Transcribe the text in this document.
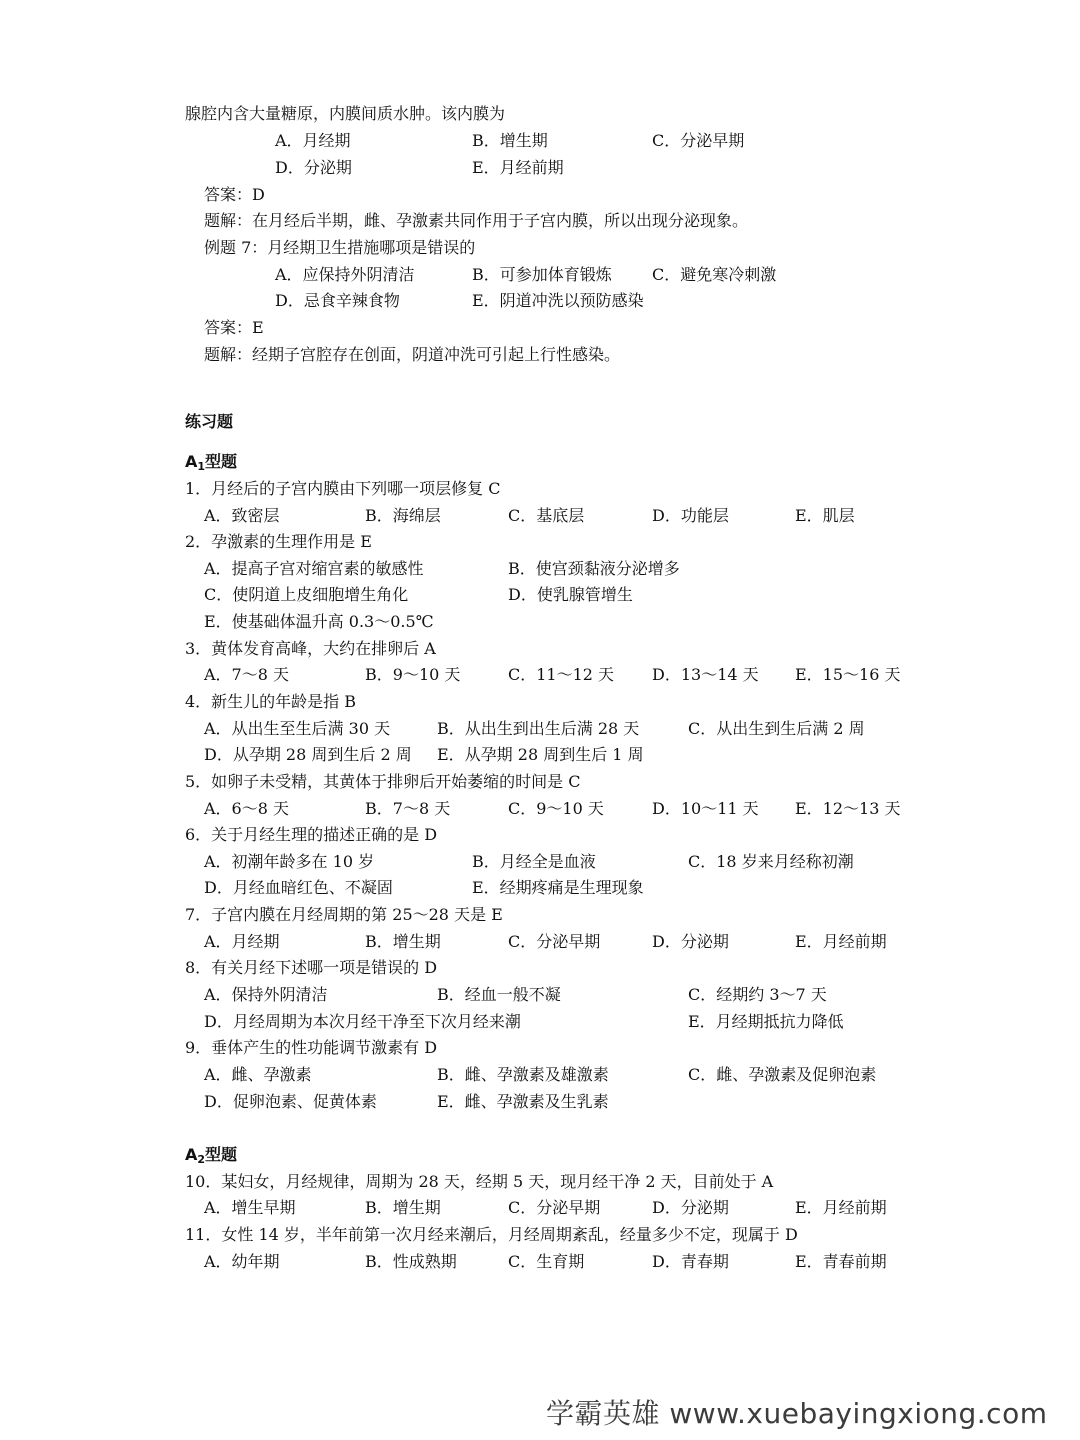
腺腔内含大量糖原，内膜间质水肿。该内膜为
A．月经期	B．增生期	C．分泌早期
D．分泌期	E．月经前期
答案：D
题解：在月经后半期，雌、孕激素共同作用于子宫内膜，所以出现分泌现象。
例题 7：月经期卫生措施哪项是错误的
A．应保持外阴清洁	B．可参加体育锻炼	C．避免寒冷刺激
D．忌食辛辣食物	E．阴道冲洗以预防感染
答案：E
题解：经期子宫腔存在创面，阴道冲洗可引起上行性感染。
练习题
$A_1$型题
1．月经后的子宫内膜由下列哪一项层修复 C
A．致密层	B．海绵层	C．基底层	D．功能层	E．肌层
2．孕激素的生理作用是 E
A．提高子宫对缩宫素的敏感性	B．使宫颈黏液分泌增多
C．使阴道上皮细胞增生角化	D．使乳腺管增生
E．使基础体温升高 0.3～0.5℃
3．黄体发育高峰，大约在排卵后 A
A．7～8 天	B．9～10 天	C．11～12 天 D．13～14 天 E．15～16 天
4．新生儿的年龄是指 B
A．从出生至生后满 30 天	B．从出生到出生后满 28 天	C．从出生到生后满 2 周
D．从孕期 28 周到生后 2 周 E．从孕期 28 周到生后 1 周
5．如卵子未受精，其黄体于排卵后开始萎缩的时间是 C
A．6～8 天	B．7～8 天	C．9～10 天	D．10～11 天 E．12～13 天
6．关于月经生理的描述正确的是 D
A．初潮年龄多在 10 岁	B．月经全是血液	C．18 岁来月经称初潮
D．月经血暗红色、不凝固	E．经期疼痛是生理现象
7．子宫内膜在月经周期的第 25～28 天是 E
A．月经期	B．增生期	C．分泌早期	D．分泌期	E．月经前期
8．有关月经下述哪一项是错误的 D
A．保持外阴清洁	B．经血一般不凝	C．经期约 3～7 天
D．月经周期为本次月经干净至下次月经来潮	E．月经期抵抗力降低
9．垂体产生的性功能调节激素有 D
A．雌、孕激素	B．雌、孕激素及雄激素	C．雌、孕激素及促卵泡素
D．促卵泡素、促黄体素	E．雌、孕激素及生乳素
$A_2$型题
10．某妇女，月经规律，周期为 28 天，经期 5 天，现月经干净 2 天，目前处于 A
A．增生早期	B．增生期	C．分泌早期	D．分泌期	E．月经前期
11．女性 14 岁，半年前第一次月经来潮后，月经周期紊乱，经量多少不定，现属于 D
A．幼年期	B．性成熟期	C．生育期	D．青春期	E．青春前期
学霸英雄 www.xuebayingxiong.com
